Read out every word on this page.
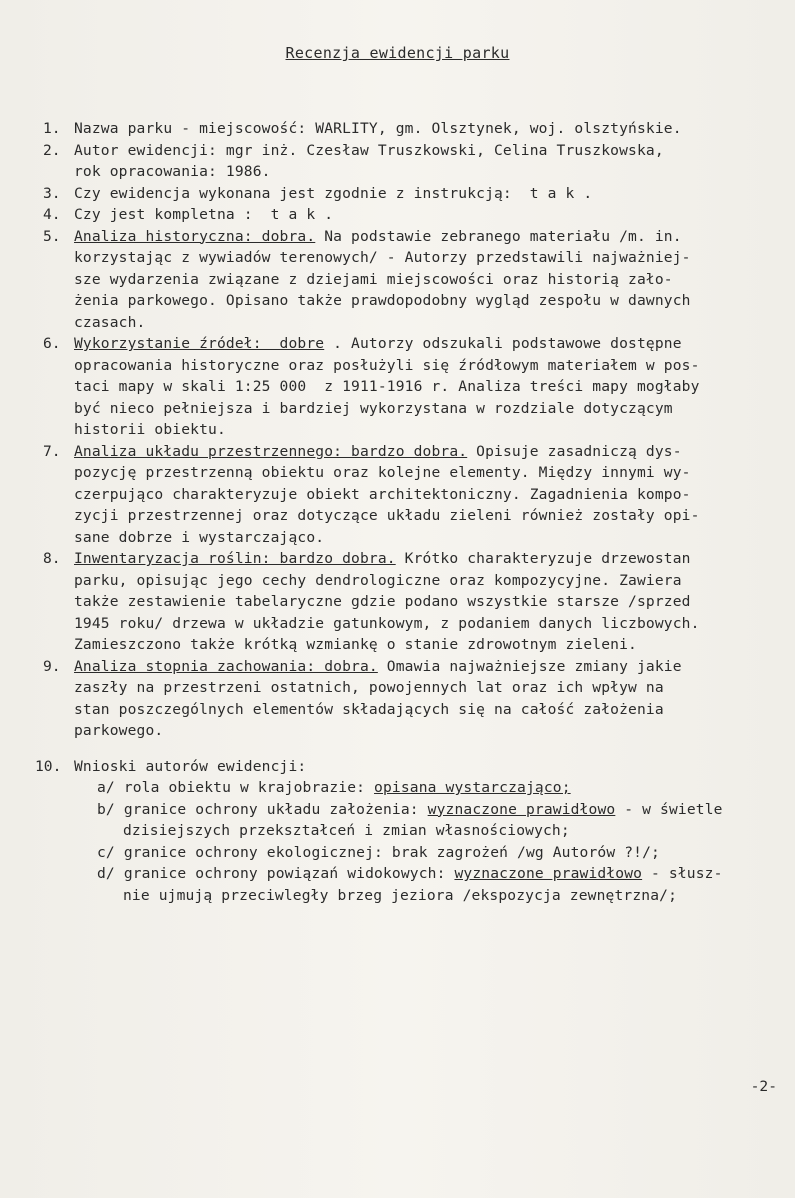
Recenzja ewidencji parku
1. Nazwa parku - miejscowość: WARLITY, gm. Olsztynek, woj. olsztyńskie.
2. Autor ewidencji: mgr inż. Czesław Truszkowski, Celina Truszkowska,
rok opracowania: 1986.
3. Czy ewidencja wykonana jest zgodnie z instrukcją:  t a k .
4. Czy jest kompletna :  t a k .
5. Analiza historyczna: dobra. Na podstawie zebranego materiału /m. in.
korzystając z wywiadów terenowych/ - Autorzy przedstawili najważniej-
sze wydarzenia związane z dziejami miejscowości oraz historią zało-
żenia parkowego. Opisano także prawdopodobny wygląd zespołu w dawnych
czasach.
6. Wykorzystanie źródeł:  dobre . Autorzy odszukali podstawowe dostępne
opracowania historyczne oraz posłużyli się źródłowym materiałem w pos-
taci mapy w skali 1:25 000  z 1911-1916 r. Analiza treści mapy mogłaby
być nieco pełniejsza i bardziej wykorzystana w rozdziale dotyczącym
historii obiektu.
7. Analiza układu przestrzennego: bardzo dobra. Opisuje zasadniczą dys-
pozycję przestrzenną obiektu oraz kolejne elementy. Między innymi wy-
czerpująco charakteryzuje obiekt architektoniczny. Zagadnienia kompo-
zycji przestrzennej oraz dotyczące układu zieleni również zostały opi-
sane dobrze i wystarczająco.
8. Inwentaryzacja roślin: bardzo dobra. Krótko charakteryzuje drzewostan
parku, opisując jego cechy dendrologiczne oraz kompozycyjne. Zawiera
także zestawienie tabelaryczne gdzie podano wszystkie starsze /sprzed
1945 roku/ drzewa w układzie gatunkowym, z podaniem danych liczbowych.
Zamieszczono także krótką wzmiankę o stanie zdrowotnym zieleni.
9. Analiza stopnia zachowania: dobra. Omawia najważniejsze zmiany jakie
zaszły na przestrzeni ostatnich, powojennych lat oraz ich wpływ na
stan poszczególnych elementów składających się na całość założenia
parkowego.
10. Wnioski autorów ewidencji:
a/ rola obiektu w krajobrazie: opisana wystarczająco;
b/ granice ochrony układu założenia: wyznaczone prawidłowo - w świetle
dzisiejszych przekształceń i zmian własnościowych;
c/ granice ochrony ekologicznej: brak zagrożeń /wg Autorów ?!/;
d/ granice ochrony powiązań widokowych: wyznaczone prawidłowo - słusz-
nie ujmują przeciwległy brzeg jeziora /ekspozycja zewnętrzna/;
-2-
